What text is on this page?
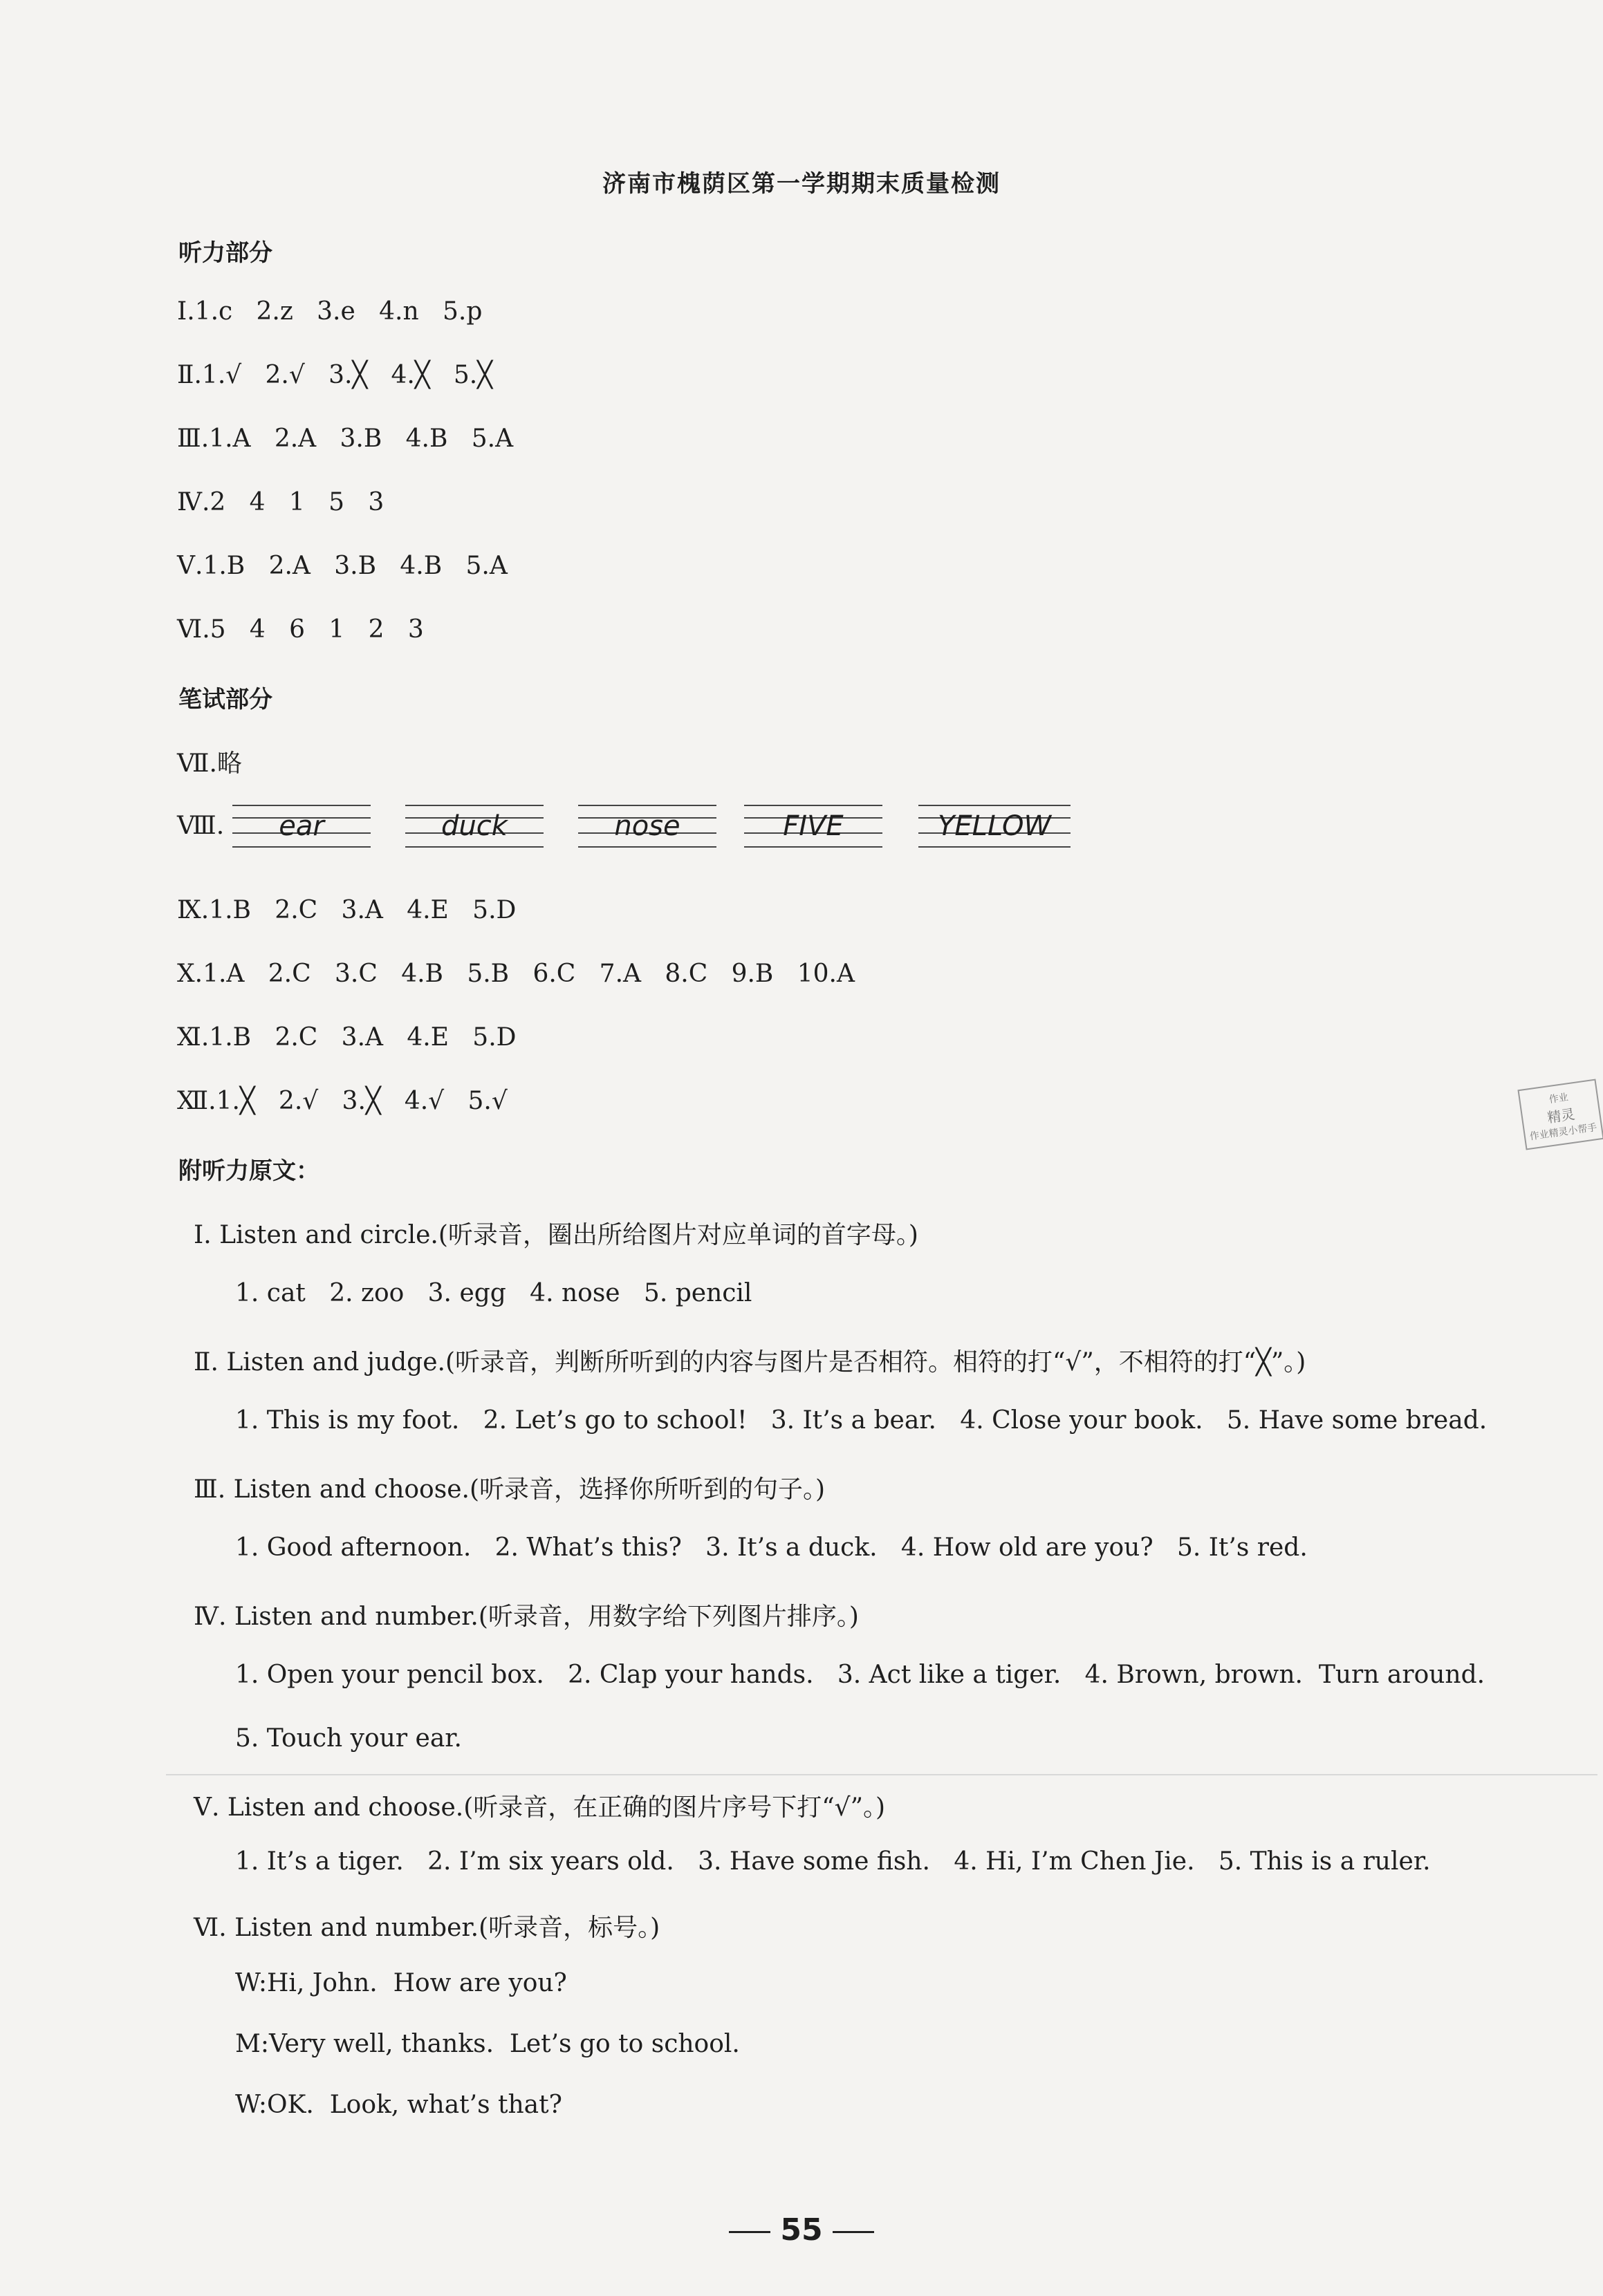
济南市槐荫区第一学期期末质量检测
听力部分
Ⅰ.1.c   2.z   3.e   4.n   5.p
Ⅱ.1.√   2.√   3.╳   4.╳   5.╳
Ⅲ.1.A   2.A   3.B   4.B   5.A
Ⅳ.2   4   1   5   3
Ⅴ.1.B   2.A   3.B   4.B   5.A
Ⅵ.5   4   6   1   2   3
笔试部分
Ⅶ.略
Ⅷ.	ear	duck	nose	FIVE	YELLOW
Ⅸ.1.B   2.C   3.A   4.E   5.D
Ⅹ.1.A   2.C   3.C   4.B   5.B   6.C   7.A   8.C   9.B   10.A
Ⅺ.1.B   2.C   3.A   4.E   5.D
Ⅻ.1.╳   2.√   3.╳   4.√   5.√
附听力原文：
Ⅰ. Listen and circle.(听录音，圈出所给图片对应单词的首字母。)
1. cat   2. zoo   3. egg   4. nose   5. pencil
Ⅱ. Listen and judge.(听录音，判断所听到的内容与图片是否相符。相符的打“√”，不相符的打“╳”。)
1. This is my foot.   2. Let’s go to school!   3. It’s a bear.   4. Close your book.   5. Have some bread.
Ⅲ. Listen and choose.(听录音，选择你所听到的句子。)
1. Good afternoon.   2. What’s this?   3. It’s a duck.   4. How old are you?   5. It’s red.
Ⅳ. Listen and number.(听录音，用数字给下列图片排序。)
1. Open your pencil box.   2. Clap your hands.   3. Act like a tiger.   4. Brown, brown.  Turn around.
5. Touch your ear.
Ⅴ. Listen and choose.(听录音，在正确的图片序号下打“√”。)
1. It’s a tiger.   2. I’m six years old.   3. Have some fish.   4. Hi, I’m Chen Jie.   5. This is a ruler.
Ⅵ. Listen and number.(听录音，标号。)
W:Hi, John.  How are you?
M:Very well, thanks.  Let’s go to school.
W:OK.  Look, what’s that?
作业
精灵
作业精灵小帮手
55
